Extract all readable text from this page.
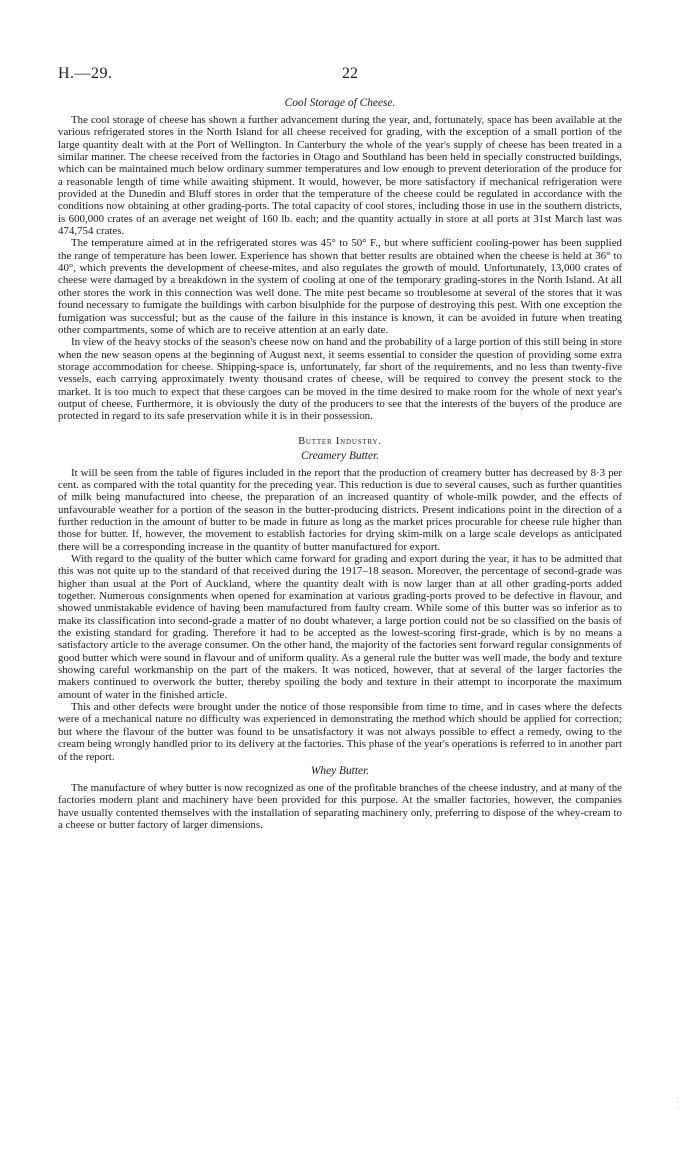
H.—29.	22
Cool Storage of Cheese.

The cool storage of cheese has shown a further advancement during the year, and, fortunately, space has been available at the various refrigerated stores in the North Island for all cheese received for grading, with the exception of a small portion of the large quantity dealt with at the Port of Wellington. In Canterbury the whole of the year's supply of cheese has been treated in a similar manner. The cheese received from the factories in Otago and Southland has been held in specially constructed buildings, which can be maintained much below ordinary summer temperatures and low enough to prevent deterioration of the produce for a reasonable length of time while awaiting shipment. It would, however, be more satisfactory if mechanical refrigeration were provided at the Dunedin and Bluff stores in order that the temperature of the cheese could be regulated in accordance with the conditions now obtaining at other grading-ports. The total capacity of cool stores, including those in use in the southern districts, is 600,000 crates of an average net weight of 160 lb. each; and the quantity actually in store at all ports at 31st March last was 474,754 crates.

The temperature aimed at in the refrigerated stores was 45° to 50° F., but where sufficient cooling-power has been supplied the range of temperature has been lower. Experience has shown that better results are obtained when the cheese is held at 36° to 40°, which prevents the development of cheese-mites, and also regulates the growth of mould. Unfortunately, 13,000 crates of cheese were damaged by a breakdown in the system of cooling at one of the temporary grading-stores in the North Island. At all other stores the work in this connection was well done. The mite pest became so troublesome at several of the stores that it was found necessary to fumigate the buildings with carbon bisulphide for the purpose of destroying this pest. With one exception the fumigation was successful; but as the cause of the failure in this instance is known, it can be avoided in future when treating other compartments, some of which are to receive attention at an early date.

In view of the heavy stocks of the season's cheese now on hand and the probability of a large portion of this still being in store when the new season opens at the beginning of August next, it seems essential to consider the question of providing some extra storage accommodation for cheese. Shipping-space is, unfortunately, far short of the requirements, and no less than twenty-five vessels, each carrying approximately twenty thousand crates of cheese, will be required to convey the present stock to the market. It is too much to expect that these cargoes can be moved in the time desired to make room for the whole of next year's output of cheese. Furthermore, it is obviously the duty of the producers to see that the interests of the buyers of the produce are protected in regard to its safe preservation while it is in their possession.

Butter Industry.
Creamery Butter.

It will be seen from the table of figures included in the report that the production of creamery butter has decreased by 8·3 per cent. as compared with the total quantity for the preceding year. This reduction is due to several causes, such as further quantities of milk being manufactured into cheese, the preparation of an increased quantity of whole-milk powder, and the effects of unfavourable weather for a portion of the season in the butter-producing districts. Present indications point in the direction of a further reduction in the amount of butter to be made in future as long as the market prices procurable for cheese rule higher than those for butter. If, however, the movement to establish factories for drying skim-milk on a large scale develops as anticipated there will be a corresponding increase in the quantity of butter manufactured for export.

With regard to the quality of the butter which came forward for grading and export during the year, it has to be admitted that this was not quite up to the standard of that received during the 1917–18 season. Moreover, the percentage of second-grade was higher than usual at the Port of Auckland, where the quantity dealt with is now larger than at all other grading-ports added together. Numerous consignments when opened for examination at various grading-ports proved to be defective in flavour, and showed unmistakable evidence of having been manufactured from faulty cream. While some of this butter was so inferior as to make its classification into second-grade a matter of no doubt whatever, a large portion could not be so classified on the basis of the existing standard for grading. Therefore it had to be accepted as the lowest-scoring first-grade, which is by no means a satisfactory article to the average consumer. On the other hand, the majority of the factories sent forward regular consignments of good butter which were sound in flavour and of uniform quality. As a general rule the butter was well made, the body and texture showing careful workmanship on the part of the makers. It was noticed, however, that at several of the larger factories the makers continued to overwork the butter, thereby spoiling the body and texture in their attempt to incorporate the maximum amount of water in the finished article.

This and other defects were brought under the notice of those responsible from time to time, and in cases where the defects were of a mechanical nature no difficulty was experienced in demonstrating the method which should be applied for correction; but where the flavour of the butter was found to be unsatisfactory it was not always possible to effect a remedy, owing to the cream being wrongly handled prior to its delivery at the factories. This phase of the year's operations is referred to in another part of the report.

Whey Butter.

The manufacture of whey butter is now recognized as one of the profitable branches of the cheese industry, and at many of the factories modern plant and machinery have been provided for this purpose. At the smaller factories, however, the companies have usually contented themselves with the installation of separating machinery only, preferring to dispose of the whey-cream to a cheese or butter factory of larger dimensions.

–
–
–
